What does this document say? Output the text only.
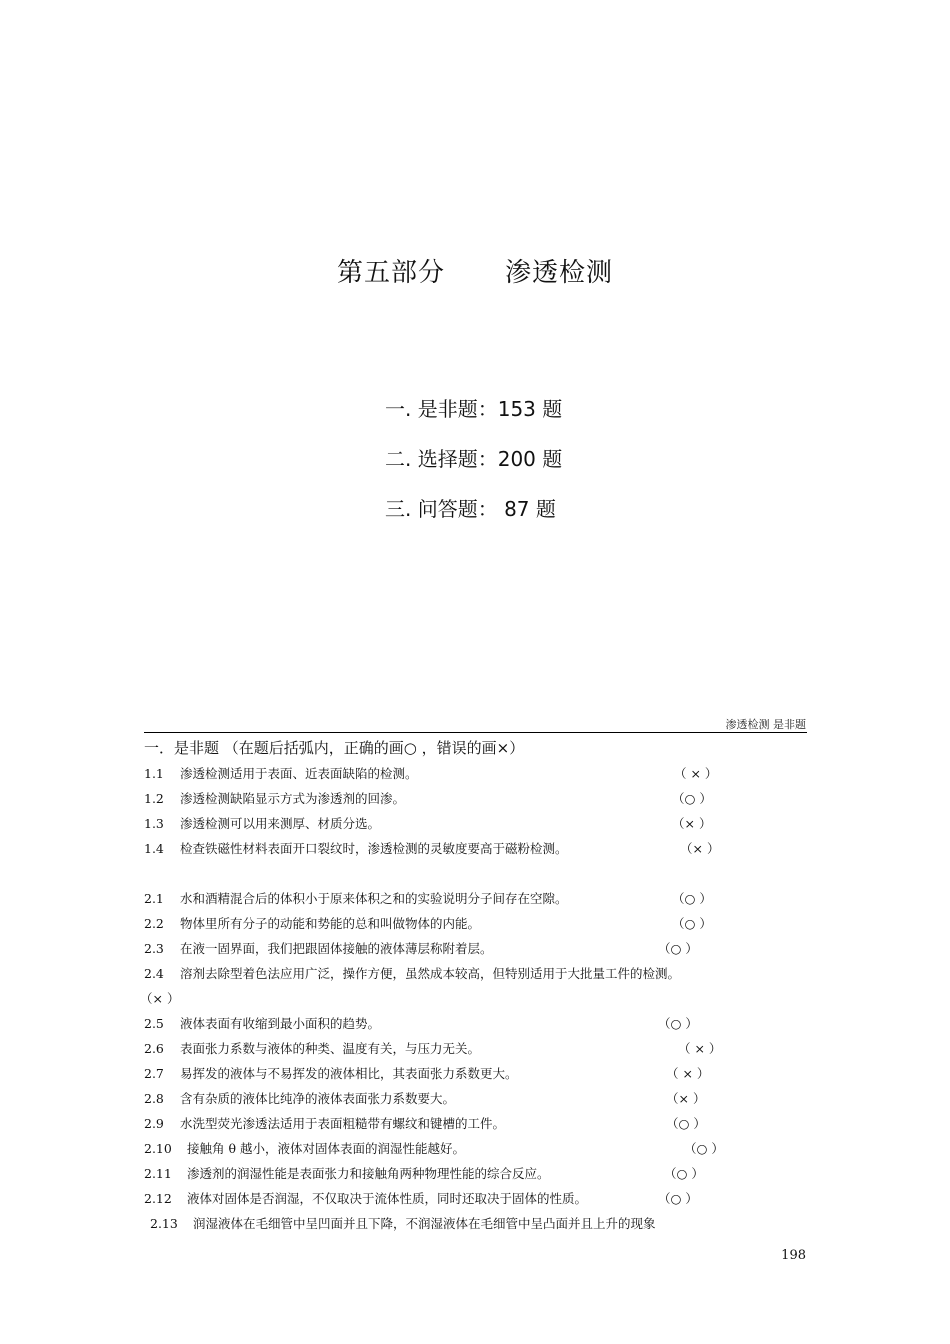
第五部分 渗透检测
一. 是非题：153 题
二. 选择题：200 题
三. 问答题： 87 题
渗透检测 是非题
一．是非题 （在题后括弧内，正确的画○ ，错误的画×）
1.1 渗透检测适用于表面、近表面缺陷的检测。	（ × ）
1.2 渗透检测缺陷显示方式为渗透剂的回渗。	（○ ）
1.3 渗透检测可以用来测厚、材质分选。	（× ）
1.4 检查铁磁性材料表面开口裂纹时，渗透检测的灵敏度要高于磁粉检测。	（× ）
2.1 水和酒精混合后的体积小于原来体积之和的实验说明分子间存在空隙。	（○ ）
2.2 物体里所有分子的动能和势能的总和叫做物体的内能。	（○ ）
2.3 在液一固界面，我们把跟固体接触的液体薄层称附着层。	（○ ）
2.4 溶剂去除型着色法应用广泛，操作方便，虽然成本较高，但特别适用于大批量工件的检测。
（× ）
2.5 液体表面有收缩到最小面积的趋势。	（○ ）
2.6 表面张力系数与液体的种类、温度有关，与压力无关。	（ × ）
2.7 易挥发的液体与不易挥发的液体相比，其表面张力系数更大。	（ × ）
2.8 含有杂质的液体比纯净的液体表面张力系数要大。	（× ）
2.9 水洗型荧光渗透法适用于表面粗糙带有螺纹和键槽的工件。	（○ ）
2.10 接触角 θ 越小，液体对固体表面的润湿性能越好。	（○ ）
2.11 渗透剂的润湿性能是表面张力和接触角两种物理性能的综合反应。	（○ ）
2.12 液体对固体是否润湿，不仅取决于流体性质，同时还取决于固体的性质。	（○ ）
2.13 润湿液体在毛细管中呈凹面并且下降，不润湿液体在毛细管中呈凸面并且上升的现象
198
